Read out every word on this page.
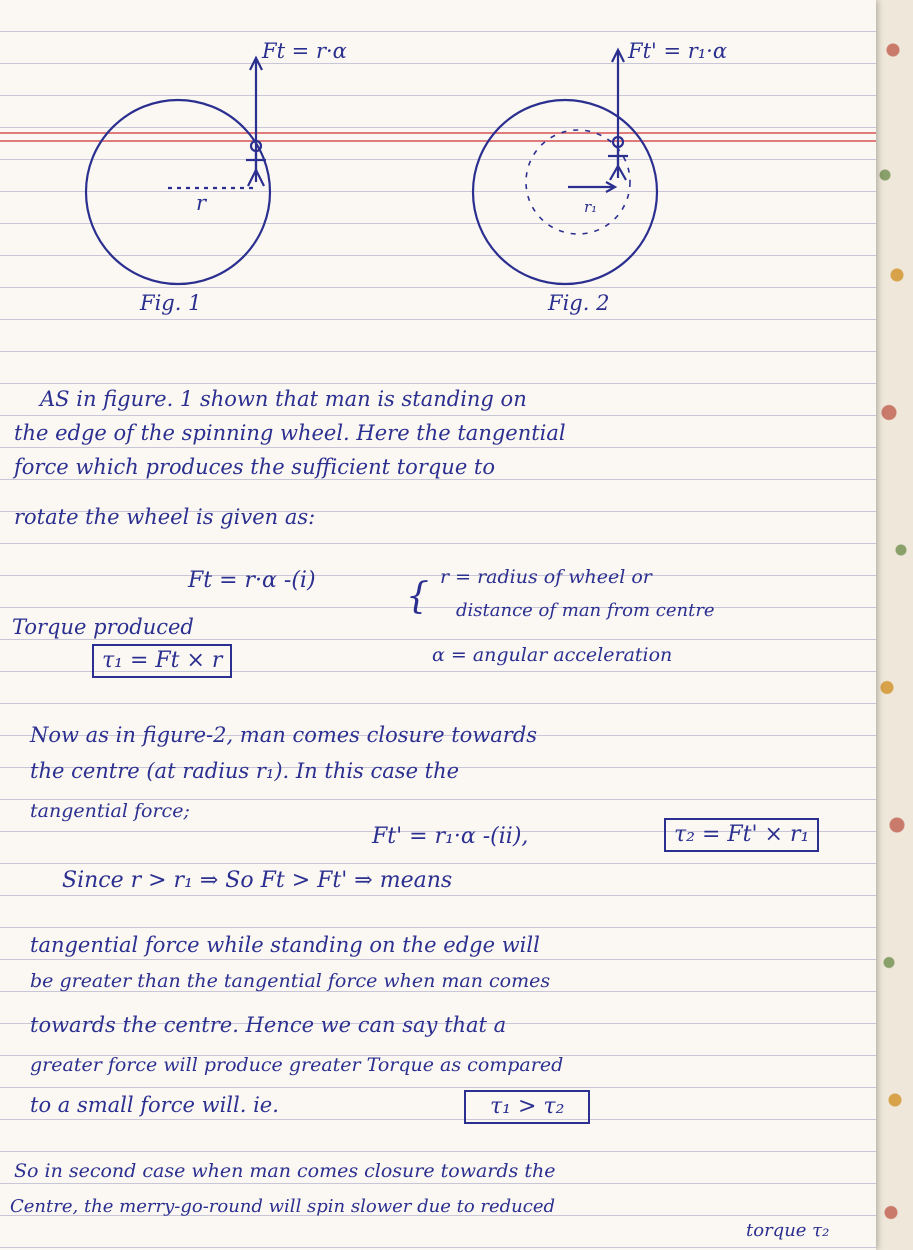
Ft = r·α

r

Fig. 1

Ft' = r₁·α

r₁

Fig. 2

AS in figure. 1 shown that man is standing on

the edge of the spinning wheel. Here the tangential

force which produces the sufficient torque to

rotate the wheel is given as:

Ft = r·α -(i)	{ r = radius of wheel or

distance of man from centre

Torque produced

τ₁ = Ft × r	α = angular acceleration

Now as in figure-2, man comes closure towards

the centre (at radius r₁). In this case the

tangential force;

Ft' = r₁·α -(ii),	τ₂ = Ft' × r₁

Since r > r₁ ⇒ So Ft > Ft' ⇒ means

tangential force while standing on the edge will

be greater than the tangential force when man comes

towards the centre. Hence we can say that a

greater force will produce greater Torque as compared

to a small force will. ie.	τ₁ > τ₂

So in second case when man comes closure towards the

Centre, the merry-go-round will spin slower due to reduced

torque τ₂
